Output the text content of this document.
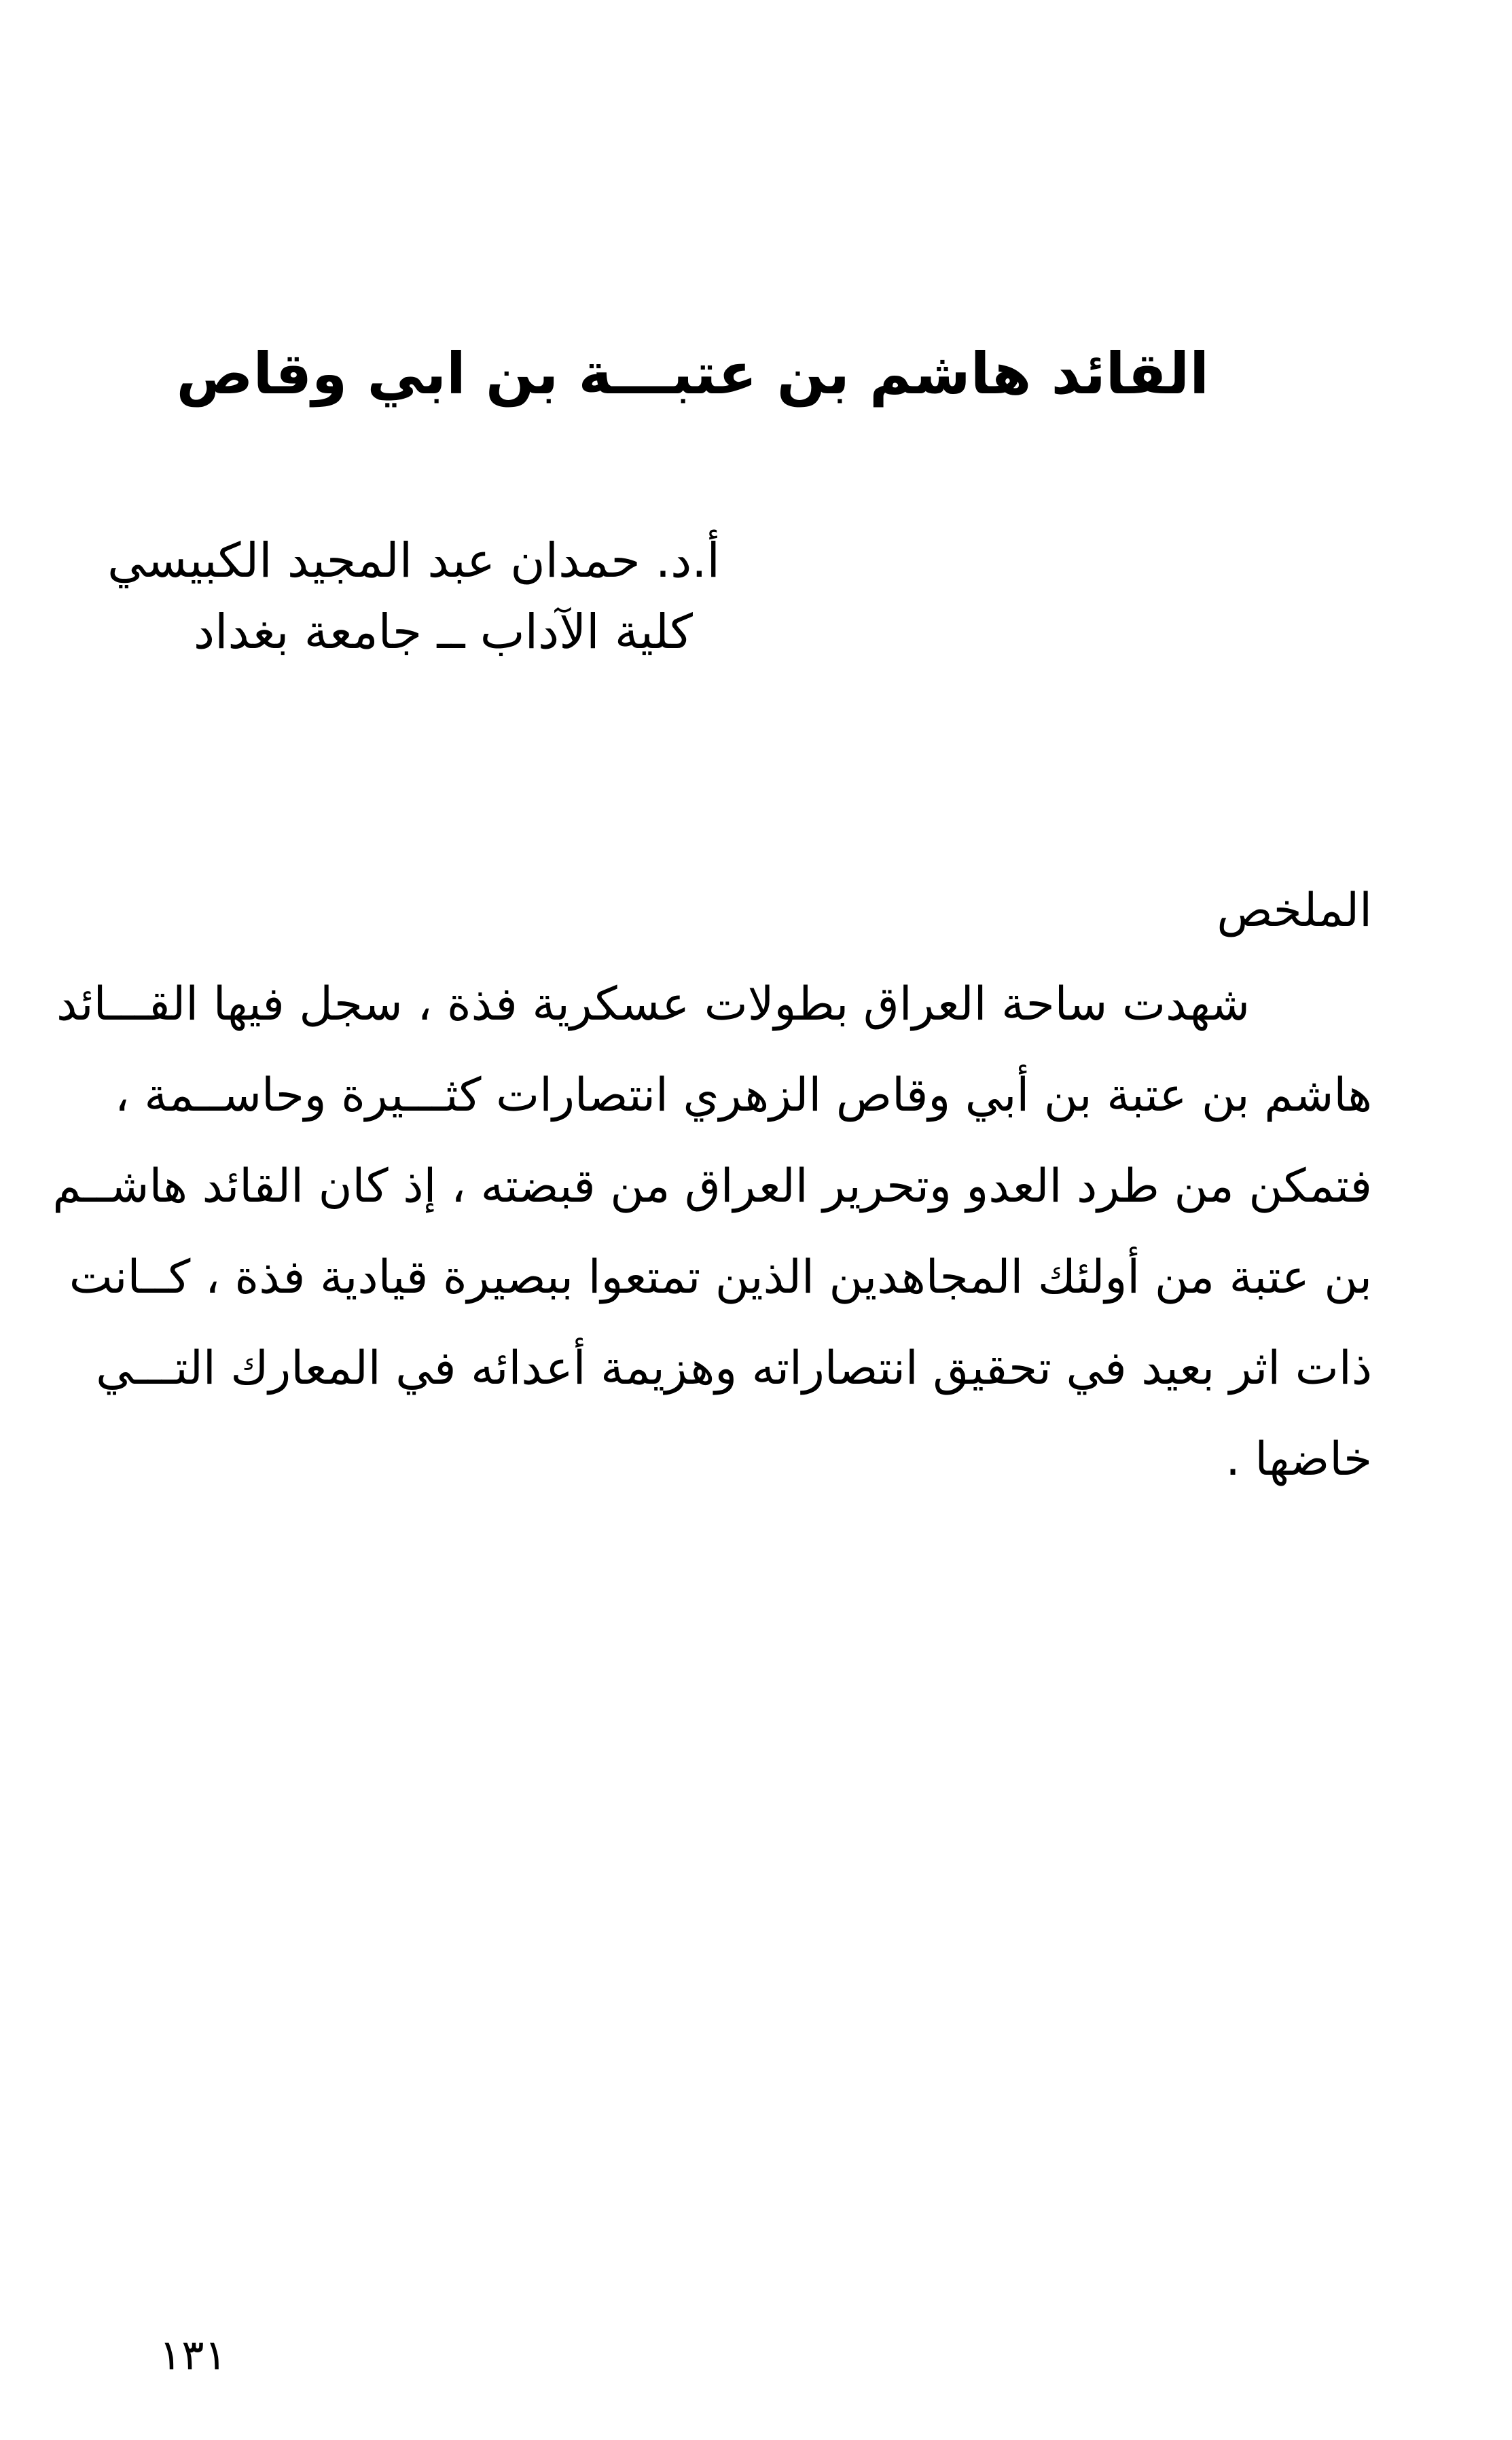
القائد هاشم بن عتبـــة بن ابي وقاص
أ.د. حمدان عبد المجيد الكبيسي
كلية الآداب ــ جامعة بغداد
الملخص
شهدت ساحة العراق بطولات عسكرية فذة ، سجل فيها القـــائد
هاشم بن عتبة بن أبي وقاص الزهري انتصارات كثـــيرة وحاســمة ،
فتمكن من طرد العدو وتحرير العراق من قبضته ، إذ كان القائد هاشــم
بن عتبة من أولئك المجاهدين الذين تمتعوا ببصيرة قيادية فذة ، كــانت
ذات اثر بعيد في تحقيق انتصاراته وهزيمة أعدائه في المعارك التـــي
خاضها .
١٣١
